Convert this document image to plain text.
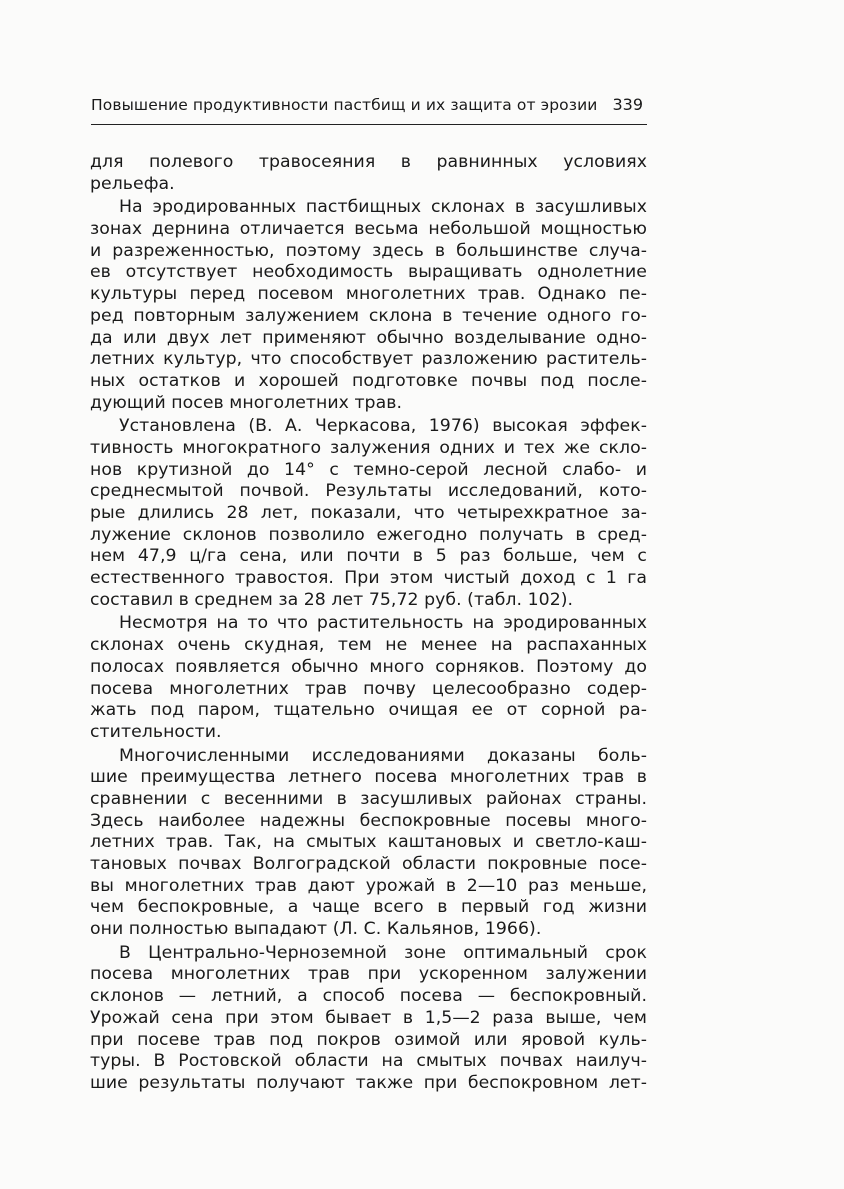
Повышение продуктивности пастбищ и их защита от эрозии 339
для полевого травосеяния в равнинных условиях
рельефа.
На эродированных пастбищных склонах в засушливых
зонах дернина отличается весьма небольшой мощностью
и разреженностью, поэтому здесь в большинстве случа-
ев отсутствует необходимость выращивать однолетние
культуры перед посевом многолетних трав. Однако пе-
ред повторным залужением склона в течение одного го-
да или двух лет применяют обычно возделывание одно-
летних культур, что способствует разложению раститель-
ных остатков и хорошей подготовке почвы под после-
дующий посев многолетних трав.
Установлена (В. А. Черкасова, 1976) высокая эффек-
тивность многократного залужения одних и тех же скло-
нов крутизной до 14° с темно-серой лесной слабо- и
среднесмытой почвой. Результаты исследований, кото-
рые длились 28 лет, показали, что четырехкратное за-
лужение склонов позволило ежегодно получать в сред-
нем 47,9 ц/га сена, или почти в 5 раз больше, чем с
естественного травостоя. При этом чистый доход с 1 га
составил в среднем за 28 лет 75,72 руб. (табл. 102).
Несмотря на то что растительность на эродированных
склонах очень скудная, тем не менее на распаханных
полосах появляется обычно много сорняков. Поэтому до
посева многолетних трав почву целесообразно содер-
жать под паром, тщательно очищая ее от сорной ра-
стительности.
Многочисленными исследованиями доказаны боль-
шие преимущества летнего посева многолетних трав в
сравнении с весенними в засушливых районах страны.
Здесь наиболее надежны беспокровные посевы много-
летних трав. Так, на смытых каштановых и светло-каш-
тановых почвах Волгоградской области покровные посе-
вы многолетних трав дают урожай в 2—10 раз меньше,
чем беспокровные, а чаще всего в первый год жизни
они полностью выпадают (Л. С. Кальянов, 1966).
В Центрально-Черноземной зоне оптимальный срок
посева многолетних трав при ускоренном залужении
склонов — летний, а способ посева — беспокровный.
Урожай сена при этом бывает в 1,5—2 раза выше, чем
при посеве трав под покров озимой или яровой куль-
туры. В Ростовской области на смытых почвах наилуч-
шие результаты получают также при беспокровном лет-
